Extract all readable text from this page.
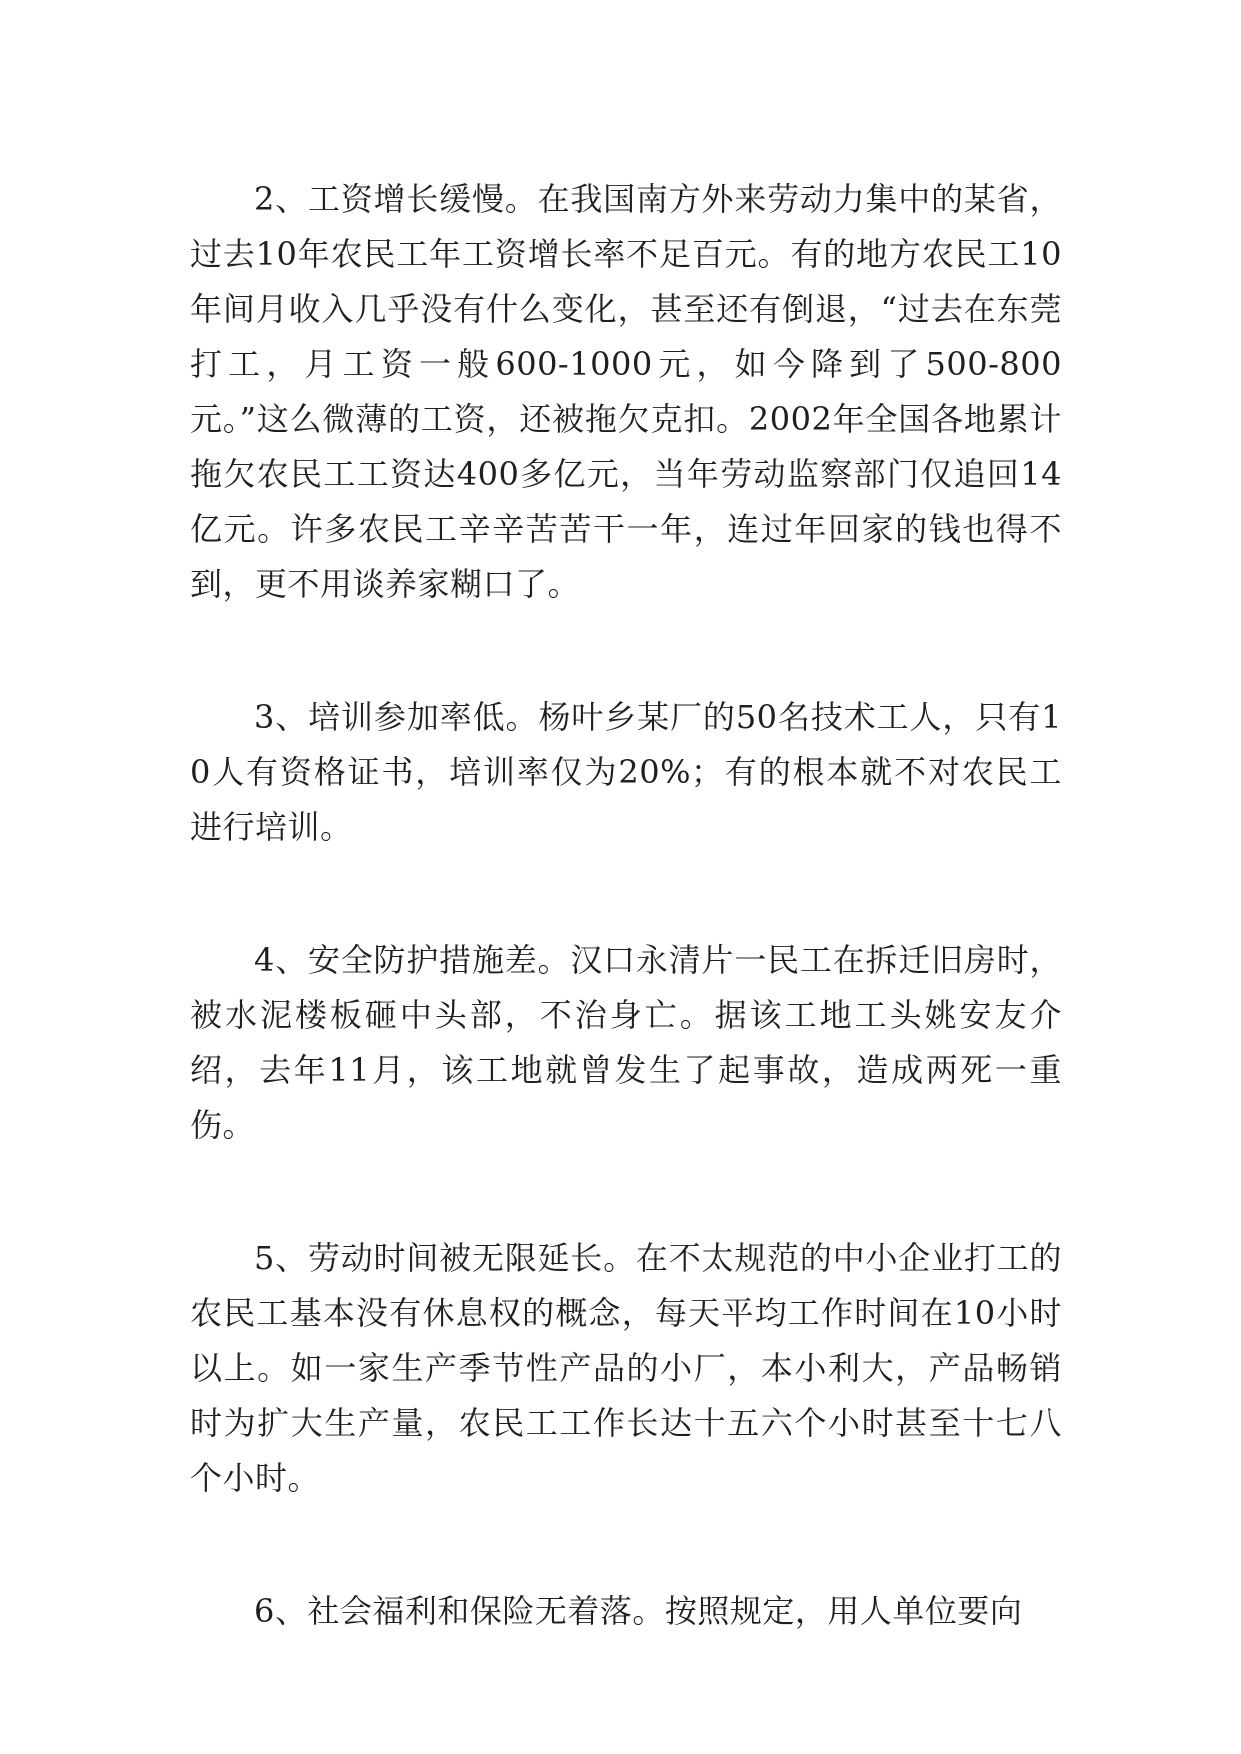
2、工资增长缓慢。在我国南方外来劳动力集中的某省，过去10年农民工年工资增长率不足百元。有的地方农民工10年间月收入几乎没有什么变化，甚至还有倒退，“过去在东莞打工，月工资一般600-1000元，如今降到了500-800元。”这么微薄的工资，还被拖欠克扣。2002年全国各地累计拖欠农民工工资达400多亿元，当年劳动监察部门仅追回14亿元。许多农民工辛辛苦苦干一年，连过年回家的钱也得不到，更不用谈养家糊口了。

3、培训参加率低。杨叶乡某厂的50名技术工人，只有10人有资格证书，培训率仅为20%；有的根本就不对农民工进行培训。

4、安全防护措施差。汉口永清片一民工在拆迁旧房时，被水泥楼板砸中头部，不治身亡。据该工地工头姚安友介绍，去年11月，该工地就曾发生了起事故，造成两死一重伤。

5、劳动时间被无限延长。在不太规范的中小企业打工的农民工基本没有休息权的概念，每天平均工作时间在10小时以上。如一家生产季节性产品的小厂，本小利大，产品畅销时为扩大生产量，农民工工作长达十五六个小时甚至十七八个小时。

6、社会福利和保险无着落。按照规定，用人单位要向
